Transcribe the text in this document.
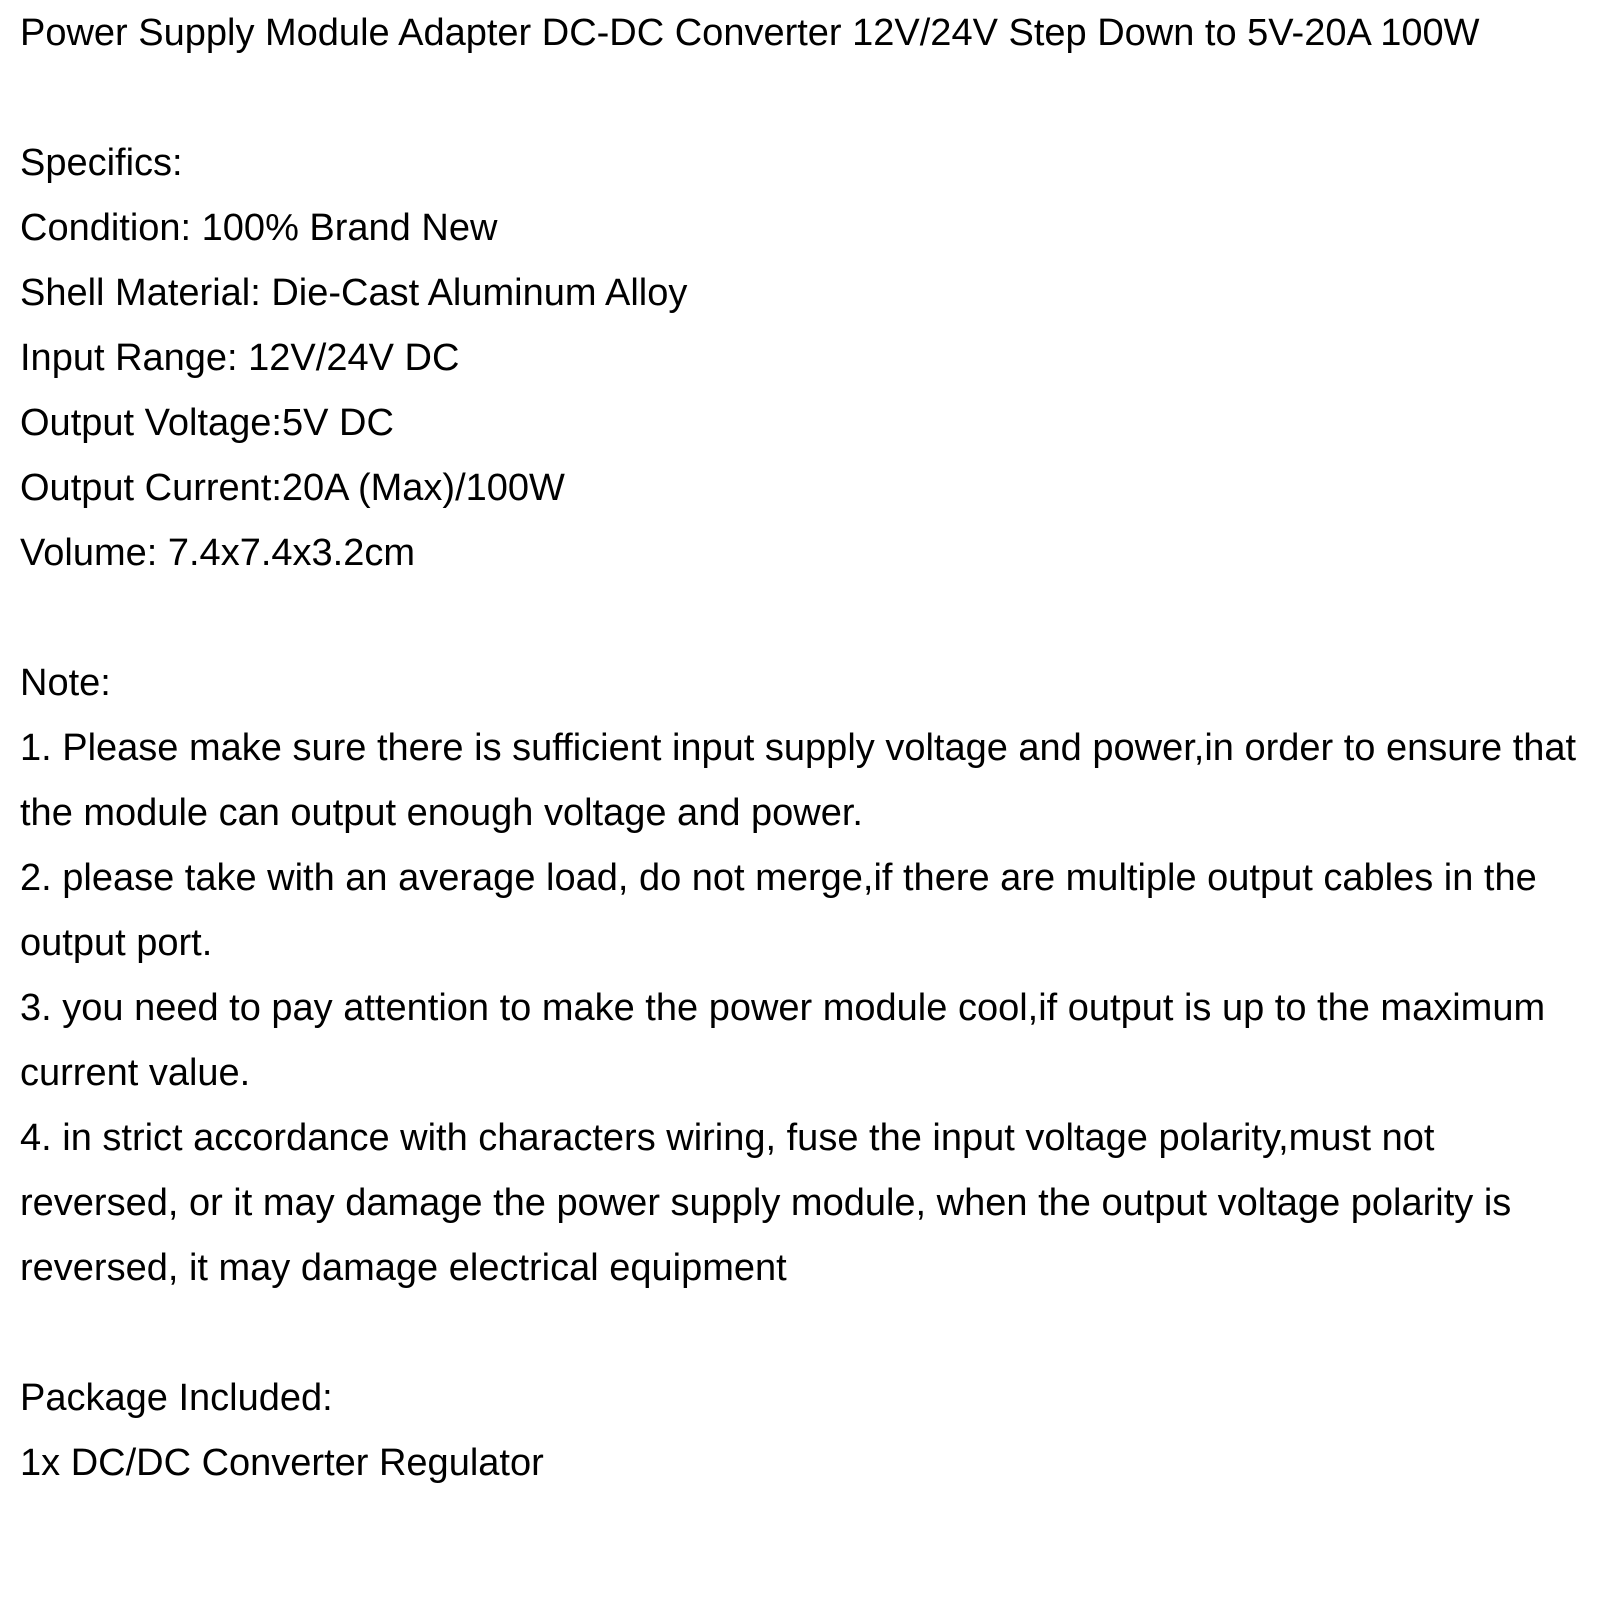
Power Supply Module Adapter DC-DC Converter 12V/24V Step Down to 5V-20A 100W

Specifics:

Condition: 100% Brand New

Shell Material: Die-Cast Aluminum Alloy

Input Range: 12V/24V DC

Output Voltage:5V DC

Output Current:20A (Max)/100W

Volume: 7.4x7.4x3.2cm

Note:

1. Please make sure there is sufficient input supply voltage and power,in order to ensure that the module can output enough voltage and power.

2. please take with an average load, do not merge,if there are multiple output cables in the output port.

3. you need to pay attention to make the power module cool,if output is up to the maximum current value.

4. in strict accordance with characters wiring, fuse the input voltage polarity,must not reversed, or it may damage the power supply module, when the output voltage polarity is reversed, it may damage electrical equipment

Package Included:

1x DC/DC Converter Regulator
